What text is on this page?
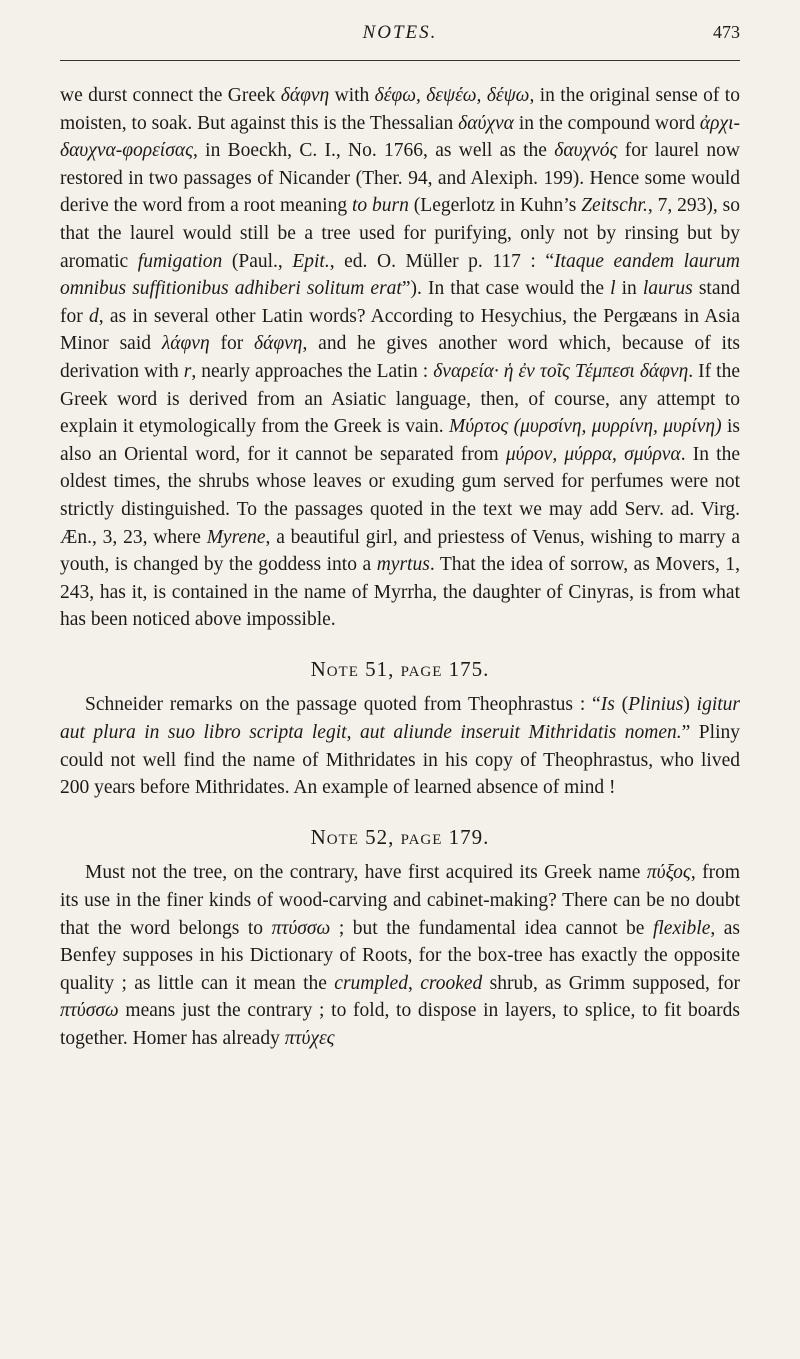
NOTES.	473

we durst connect the Greek δάφνη with δέφω, δεψέω, δέψω, in the original sense of to moisten, to soak. But against this is the Thessalian δαύχνα in the compound word ἀρχι-δαυχνα-φορείσας, in Boeckh, C. I., No. 1766, as well as the δαυχνός for laurel now restored in two passages of Nicander (Ther. 94, and Alexiph. 199). Hence some would derive the word from a root meaning to burn (Legerlotz in Kuhn’s Zeitschr., 7, 293), so that the laurel would still be a tree used for purifying, only not by rinsing but by aromatic fumigation (Paul., Epit., ed. O. Müller p. 117 : “Itaque eandem laurum omnibus suffitionibus adhiberi solitum erat”). In that case would the l in laurus stand for d, as in several other Latin words? According to Hesychius, the Pergæans in Asia Minor said λάφνη for δάφνη, and he gives another word which, because of its derivation with r, nearly approaches the Latin : δναρεία· ἡ ἐν τοῖς Τέμπεσι δάφνη. If the Greek word is derived from an Asiatic language, then, of course, any attempt to explain it etymologically from the Greek is vain. Μύρτος (μυρσίνη, μυρρίνη, μυρίνη) is also an Oriental word, for it cannot be separated from μύρον, μύρρα, σμύρνα. In the oldest times, the shrubs whose leaves or exuding gum served for perfumes were not strictly distinguished. To the passages quoted in the text we may add Serv. ad. Virg. Æn., 3, 23, where Myrene, a beautiful girl, and priestess of Venus, wishing to marry a youth, is changed by the goddess into a myrtus. That the idea of sorrow, as Movers, 1, 243, has it, is contained in the name of Myrrha, the daughter of Cinyras, is from what has been noticed above impossible.

Note 51, page 175.

Schneider remarks on the passage quoted from Theophrastus : “Is (Plinius) igitur aut plura in suo libro scripta legit, aut aliunde inseruit Mithridatis nomen.” Pliny could not well find the name of Mithridates in his copy of Theophrastus, who lived 200 years before Mithridates. An example of learned absence of mind !

Note 52, page 179.

Must not the tree, on the contrary, have first acquired its Greek name πύξος, from its use in the finer kinds of wood-carving and cabinet-making? There can be no doubt that the word belongs to πτύσσω ; but the fundamental idea cannot be flexible, as Benfey supposes in his Dictionary of Roots, for the box-tree has exactly the opposite quality ; as little can it mean the crumpled, crooked shrub, as Grimm supposed, for πτύσσω means just the contrary ; to fold, to dispose in layers, to splice, to fit boards together. Homer has already πτύχες
